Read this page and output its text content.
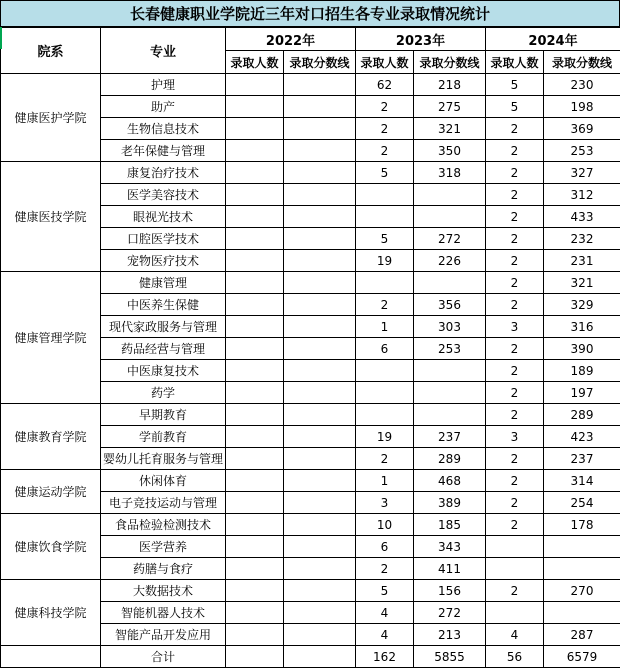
长春健康职业学院近三年对口招生各专业录取情况统计
院系	专业	2022年		2023年		2024年	
		录取人数	录取分数线	录取人数	录取分数线	录取人数	录取分数线
健康医护学院	护理			62	218	5	230
	助产			2	275	5	198
	生物信息技术			2	321	2	369
	老年保健与管理			2	350	2	253
健康医技学院	康复治疗技术			5	318	2	327
	医学美容技术					2	312
	眼视光技术					2	433
	口腔医学技术			5	272	2	232
	宠物医疗技术			19	226	2	231
健康管理学院	健康管理					2	321
	中医养生保健			2	356	2	329
	现代家政服务与管理			1	303	3	316
	药品经营与管理			6	253	2	390
	中医康复技术					2	189
	药学					2	197
健康教育学院	早期教育					2	289
	学前教育			19	237	3	423
	婴幼儿托育服务与管理			2	289	2	237
健康运动学院	休闲体育			1	468	2	314
	电子竞技运动与管理			3	389	2	254
健康饮食学院	食品检验检测技术			10	185	2	178
	医学营养			6	343		
	药膳与食疗			2	411		
健康科技学院	大数据技术			5	156	2	270
	智能机器人技术			4	272		
	智能产品开发应用			4	213	4	287
	合计			162	5855	56	6579
